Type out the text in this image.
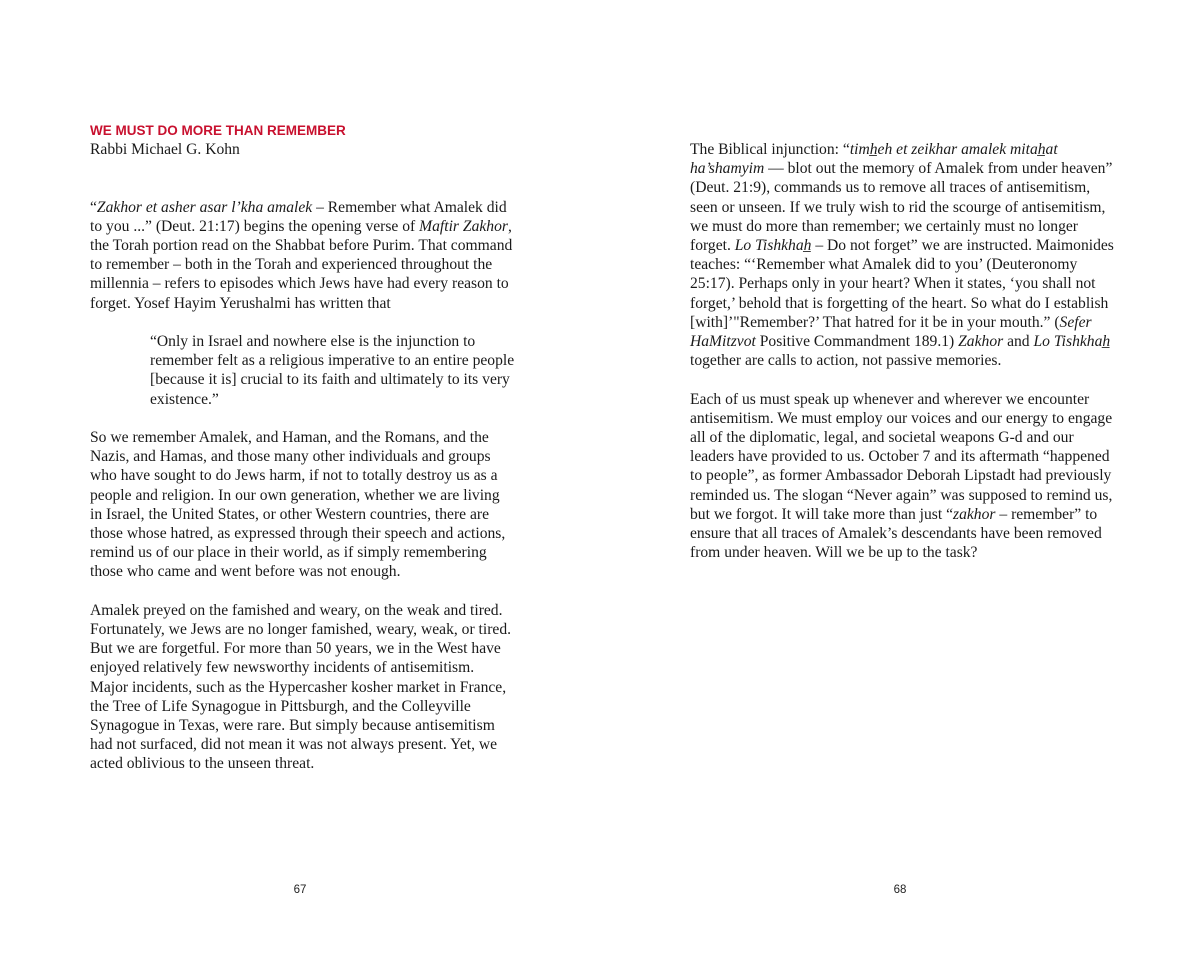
WE MUST DO MORE THAN REMEMBER
Rabbi Michael G. Kohn

“Zakhor et asher asar l’kha amalek – Remember what Amalek did to you ...” (Deut. 21:17) begins the opening verse of Maftir Zakhor, the Torah portion read on the Shabbat before Purim. That command to remember – both in the Torah and experienced throughout the millennia – refers to episodes which Jews have had every reason to forget. Yosef Hayim Yerushalmi has written that

“Only in Israel and nowhere else is the injunction to remember felt as a religious imperative to an entire people [because it is] crucial to its faith and ultimately to its very existence.”

So we remember Amalek, and Haman, and the Romans, and the Nazis, and Hamas, and those many other individuals and groups who have sought to do Jews harm, if not to totally destroy us as a people and religion. In our own generation, whether we are living in Israel, the United States, or other Western countries, there are those whose hatred, as expressed through their speech and actions, remind us of our place in their world, as if simply remembering those who came and went before was not enough.

Amalek preyed on the famished and weary, on the weak and tired. Fortunately, we Jews are no longer famished, weary, weak, or tired. But we are forgetful. For more than 50 years, we in the West have enjoyed relatively few newsworthy incidents of antisemitism. Major incidents, such as the Hypercasher kosher market in France, the Tree of Life Synagogue in Pittsburgh, and the Colleyville Synagogue in Texas, were rare. But simply because antisemitism had not surfaced, did not mean it was not always present. Yet, we acted oblivious to the unseen threat.

67

The Biblical injunction: “timh̲eh et zeikhar amalek mitah̲at ha’shamyim — blot out the memory of Amalek from under heaven” (Deut. 21:9), commands us to remove all traces of antisemitism, seen or unseen. If we truly wish to rid the scourge of antisemitism, we must do more than remember; we certainly must no longer forget. Lo Tishkhah̲ – Do not forget” we are instructed. Maimonides teaches: “‘Remember what Amalek did to you’ (Deuteronomy 25:17). Perhaps only in your heart? When it states, ‘you shall not forget,’ behold that is forgetting of the heart. So what do I establish [with]’"Remember?’ That hatred for it be in your mouth.” (Sefer HaMitzvot Positive Commandment 189.1) Zakhor and Lo Tishkhah̲ together are calls to action, not passive memories.

Each of us must speak up whenever and wherever we encounter antisemitism. We must employ our voices and our energy to engage all of the diplomatic, legal, and societal weapons G-d and our leaders have provided to us. October 7 and its aftermath “happened to people”, as former Ambassador Deborah Lipstadt had previously reminded us. The slogan “Never again” was supposed to remind us, but we forgot. It will take more than just “zakhor – remember” to ensure that all traces of Amalek’s descendants have been removed from under heaven. Will we be up to the task?

68
